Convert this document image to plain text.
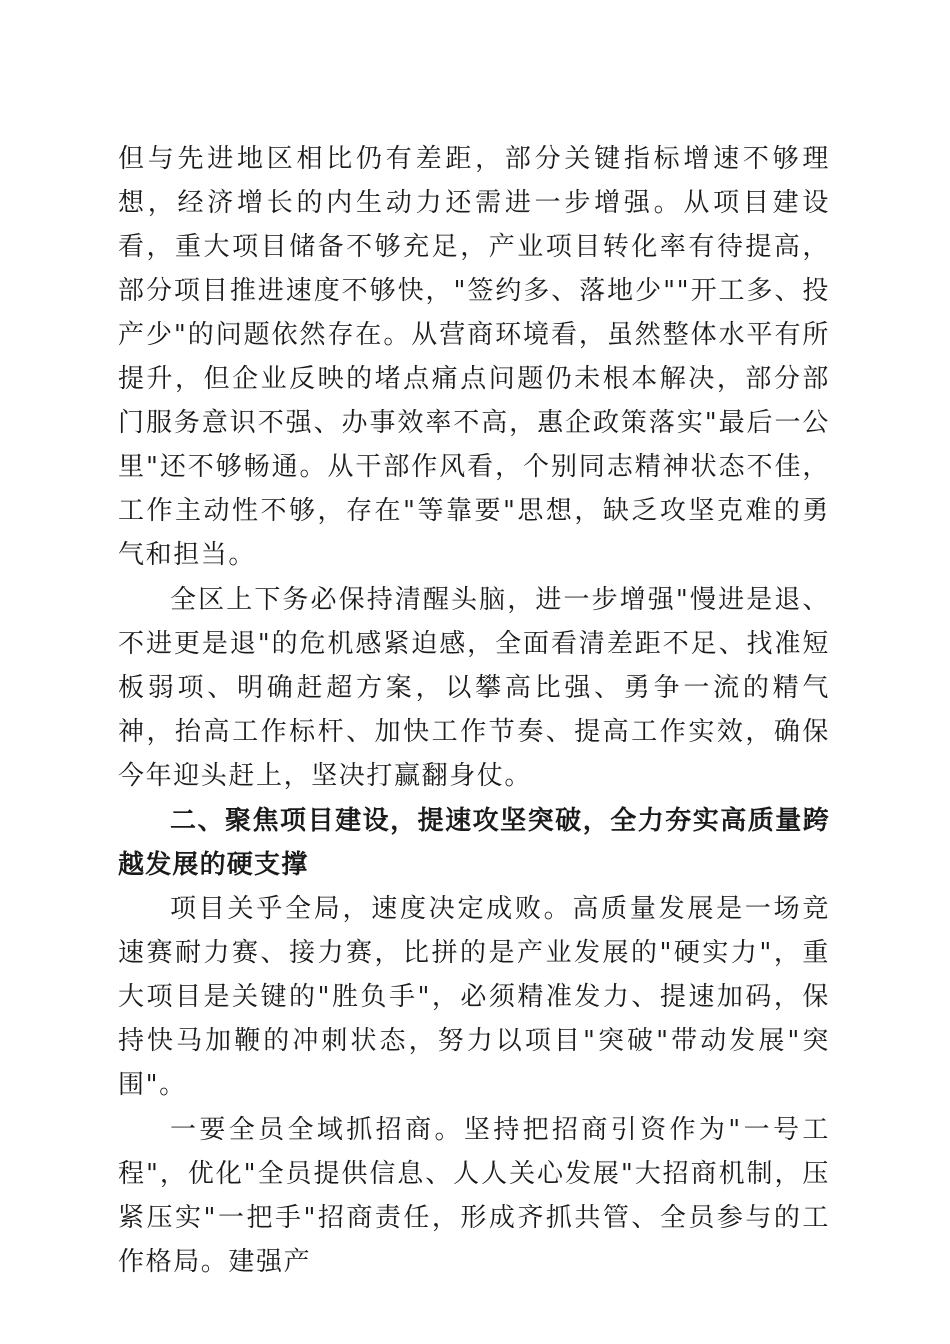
但与先进地区相比仍有差距，部分关键指标增速不够理想，经济增长的内生动力还需进一步增强。从项目建设看，重大项目储备不够充足，产业项目转化率有待提高，部分项目推进速度不够快，"签约多、落地少""开工多、投产少"的问题依然存在。从营商环境看，虽然整体水平有所提升，但企业反映的堵点痛点问题仍未根本解决，部分部门服务意识不强、办事效率不高，惠企政策落实"最后一公里"还不够畅通。从干部作风看，个别同志精神状态不佳，工作主动性不够，存在"等靠要"思想，缺乏攻坚克难的勇气和担当。

全区上下务必保持清醒头脑，进一步增强"慢进是退、不进更是退"的危机感紧迫感，全面看清差距不足、找准短板弱项、明确赶超方案，以攀高比强、勇争一流的精气神，抬高工作标杆、加快工作节奏、提高工作实效，确保今年迎头赶上，坚决打赢翻身仗。

二、聚焦项目建设，提速攻坚突破，全力夯实高质量跨越发展的硬支撑

项目关乎全局，速度决定成败。高质量发展是一场竞速赛耐力赛、接力赛，比拼的是产业发展的"硬实力"，重大项目是关键的"胜负手"，必须精准发力、提速加码，保持快马加鞭的冲刺状态，努力以项目"突破"带动发展"突围"。

一要全员全域抓招商。坚持把招商引资作为"一号工程"，优化"全员提供信息、人人关心发展"大招商机制，压紧压实"一把手"招商责任，形成齐抓共管、全员参与的工作格局。建强产
